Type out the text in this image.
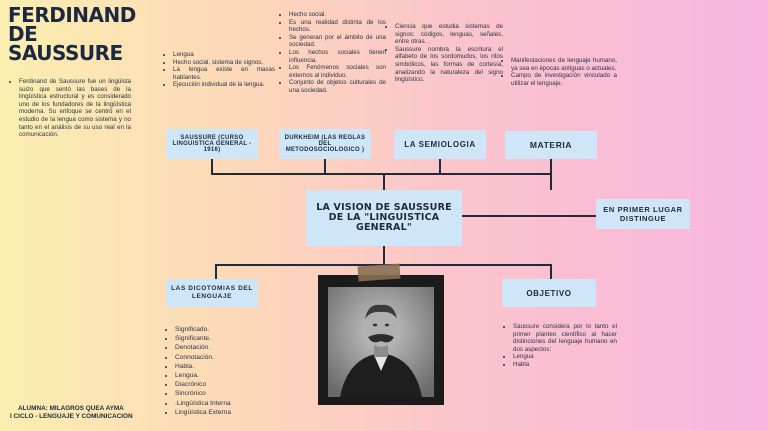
FERDINAND
DE
SAUSSURE
• Ferdinand de Saussure fue un lingüista suizo que sentó las bases de la lingüística estructural y es considerado uno de los fundadores de la lingüística moderna. Su enfoque se centró en el estudio de la lengua como sistema y no tanto en el análisis de su uso real en la comunicación.
• Lengua
• Hecho social, sistema de signos.
• La lengua existe en masas hablantes.
• Ejecución individual de la lengua.
• Hecho social.
• Es una realidad distinta de los hechos.
• Se generan por el ámbito de una sociedad.
• Los hechos sociales tienen influencia.
• Los Fenómenos sociales son externos al individuo.
• Conjunto de objetos culturales de una sociedad.
• Ciencia que estudia sistemas de signos: códigos, lenguas, señales, entre otras. .
• Saussure nombra la escritura el alfabeto de los sordomudos, los ritos simbólicos, las formas de cortesía, analizando la naturaleza del signo lingüístico.
• Manifestaciones de lenguaje humano, ya sea en épocas antiguas o actuales.
• Campo de investigación vinculado a utilizar el lenguaje.
SAUSSURE (CURSO LINGUISTICA GENERAL - 1916)
DURKHEIM (LAS REGLAS DEL METODOSOCIOLOGICO )
LA SEMIOLOGIA	MATERIA
LA VISION DE SAUSSURE DE LA "LINGUISTICA GENERAL"
EN PRIMER LUGAR DISTINGUE
LAS DICOTOMIAS DEL LENGUAJE	OBJETIVO
• Significado.
• Significante.
• Denotación.
• Connotación.
• Habla.
• Lengua.
• Diacrónico
• Sincrónico
• .Lingüística Interna
• Lingüística Externa
• Saussure considera por lo tanto el primer planteo científico al hacer distinciones del lenguaje humano en dos aspectos:
• Lengua
• Habla
ALUMNA: MILAGROS QUEA AYMA
I CICLO - LENGUAJE Y COMUNICACION
